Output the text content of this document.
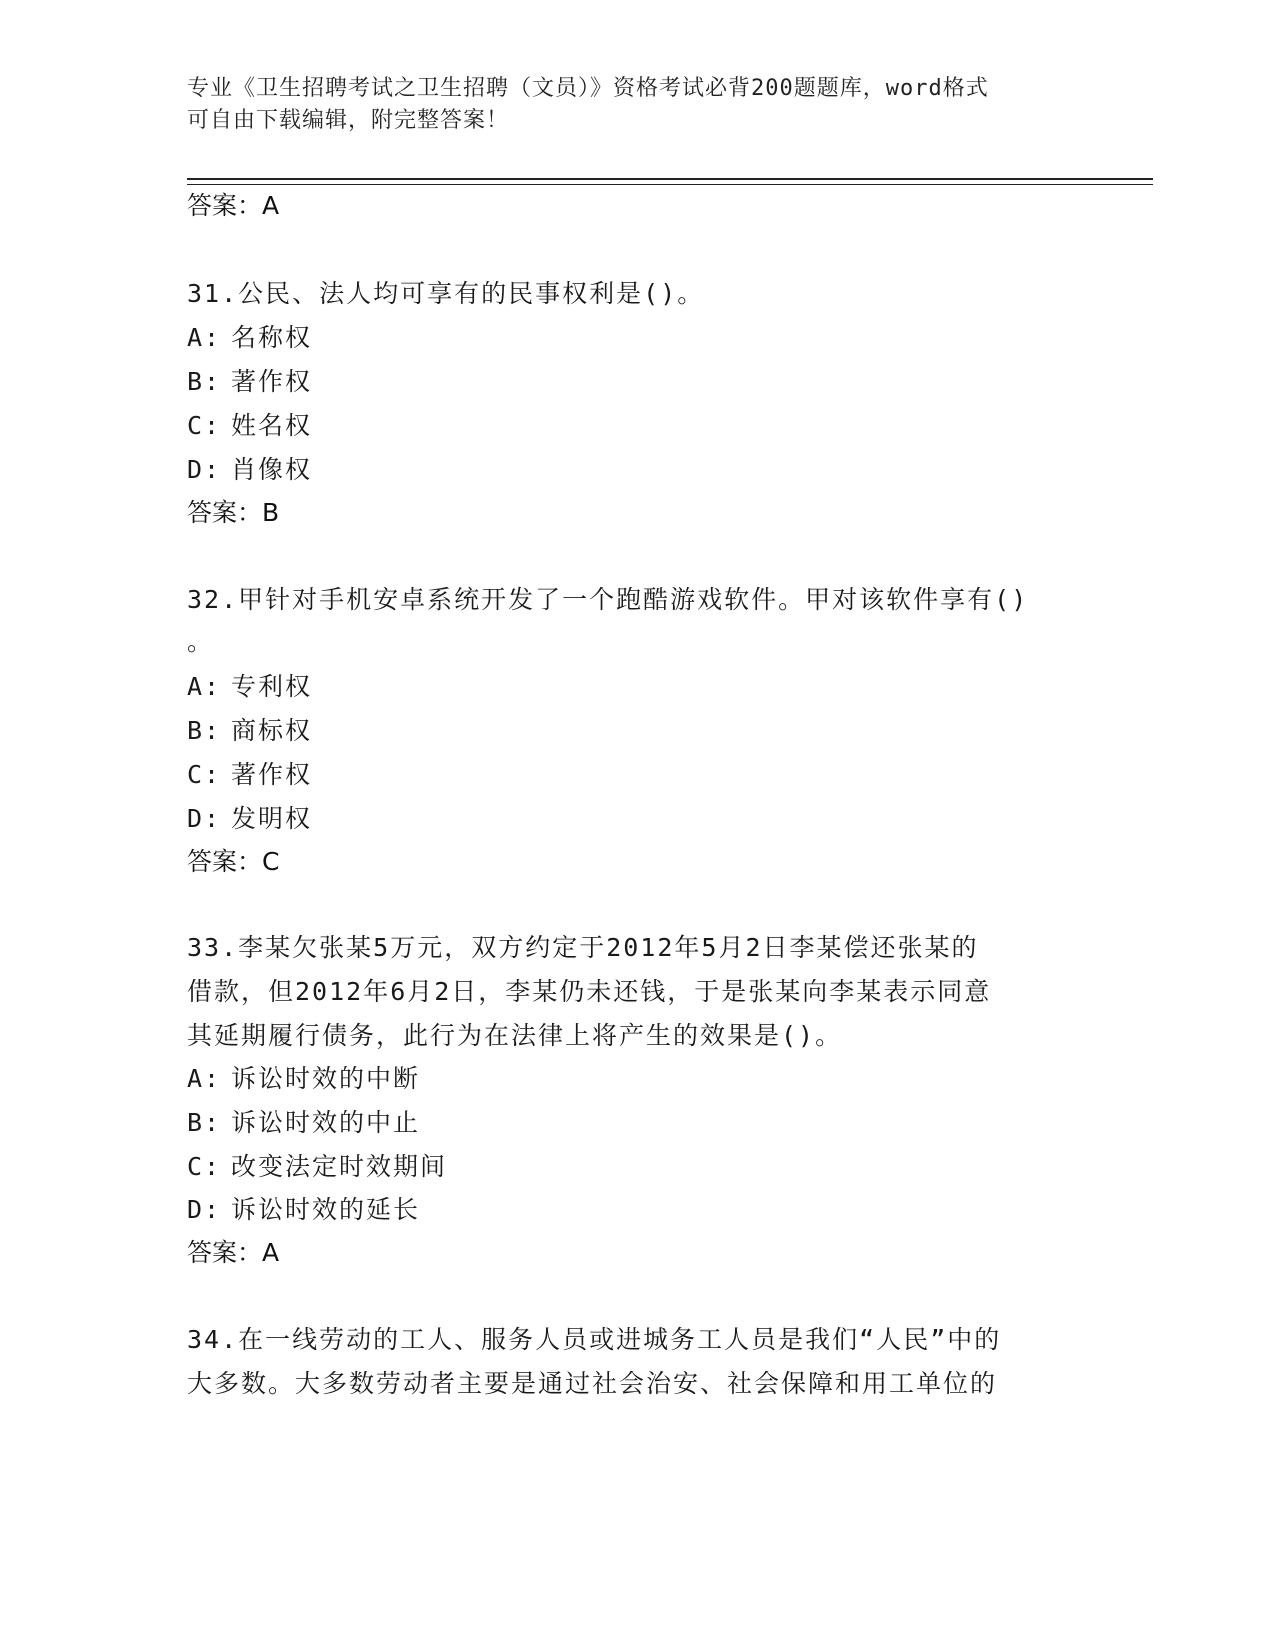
专业《卫生招聘考试之卫生招聘（文员）》资格考试必背200题题库，word格式
可自由下载编辑，附完整答案！
答案：A
31.公民、法人均可享有的民事权利是()。
A: 名称权
B: 著作权
C: 姓名权
D: 肖像权
答案：B
32.甲针对手机安卓系统开发了一个跑酷游戏软件。甲对该软件享有()
。
A: 专利权
B: 商标权
C: 著作权
D: 发明权
答案：C
33.李某欠张某5万元，双方约定于2012年5月2日李某偿还张某的
借款，但2012年6月2日，李某仍未还钱，于是张某向李某表示同意
其延期履行债务，此行为在法律上将产生的效果是()。
A: 诉讼时效的中断
B: 诉讼时效的中止
C: 改变法定时效期间
D: 诉讼时效的延长
答案：A
34.在一线劳动的工人、服务人员或进城务工人员是我们“人民”中的
大多数。大多数劳动者主要是通过社会治安、社会保障和用工单位的
